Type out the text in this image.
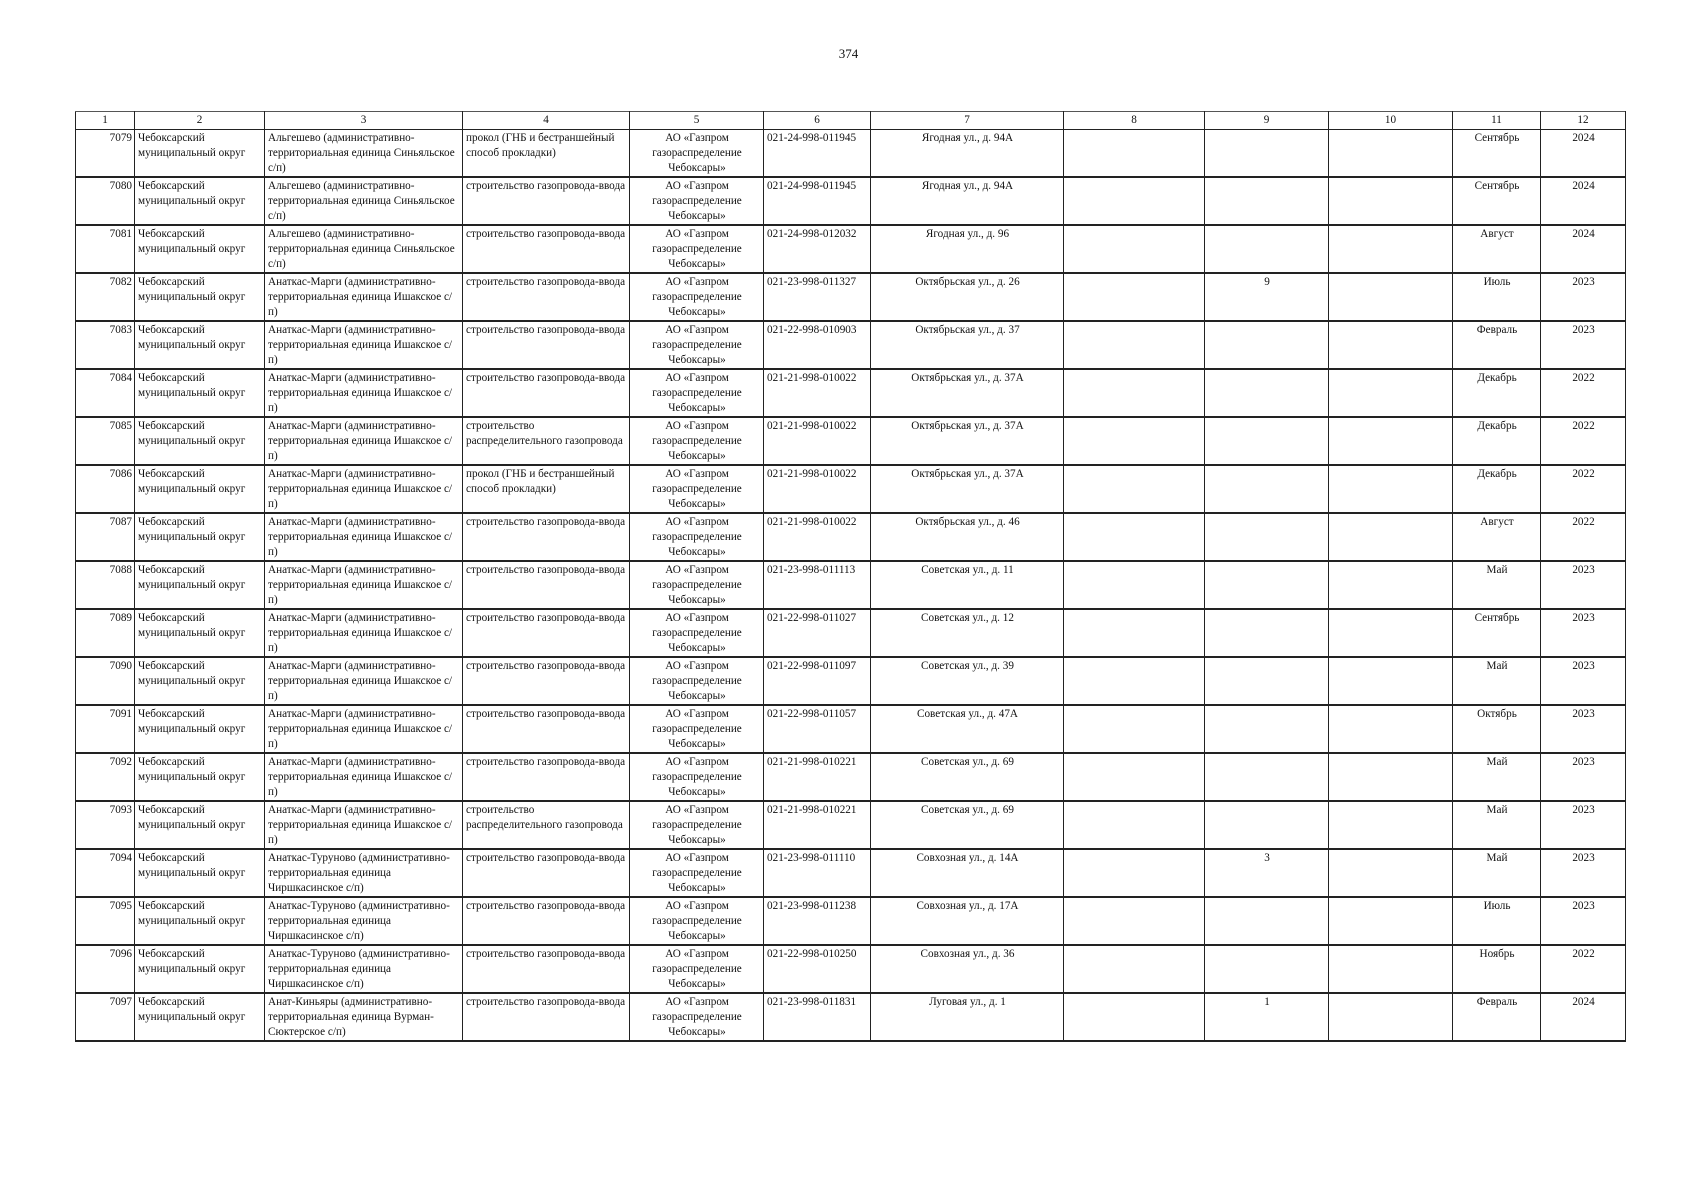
374
1	2	3	4	5	6	7	8	9	10	11	12
7079	Чебоксарский муниципальный округ	Альгешево (административно-территориальная единица Синьяльское с/п)	прокол (ГНБ и бестраншейный способ прокладки)	АО «Газпром газораспределение Чебоксары»	021-24-998-011945	Ягодная ул., д. 94А				Сентябрь	2024
7080	Чебоксарский муниципальный округ	Альгешево (административно-территориальная единица Синьяльское с/п)	строительство газопровода-ввода	АО «Газпром газораспределение Чебоксары»	021-24-998-011945	Ягодная ул., д. 94А				Сентябрь	2024
7081	Чебоксарский муниципальный округ	Альгешево (административно-территориальная единица Синьяльское с/п)	строительство газопровода-ввода	АО «Газпром газораспределение Чебоксары»	021-24-998-012032	Ягодная ул., д. 96				Август	2024
7082	Чебоксарский муниципальный округ	Анаткас-Марги (административно-территориальная единица Ишакское с/п)	строительство газопровода-ввода	АО «Газпром газораспределение Чебоксары»	021-23-998-011327	Октябрьская ул., д. 26		9		Июль	2023
7083	Чебоксарский муниципальный округ	Анаткас-Марги (административно-территориальная единица Ишакское с/п)	строительство газопровода-ввода	АО «Газпром газораспределение Чебоксары»	021-22-998-010903	Октябрьская ул., д. 37				Февраль	2023
7084	Чебоксарский муниципальный округ	Анаткас-Марги (административно-территориальная единица Ишакское с/п)	строительство газопровода-ввода	АО «Газпром газораспределение Чебоксары»	021-21-998-010022	Октябрьская ул., д. 37А				Декабрь	2022
7085	Чебоксарский муниципальный округ	Анаткас-Марги (административно-территориальная единица Ишакское с/п)	строительство распределительного газопровода	АО «Газпром газораспределение Чебоксары»	021-21-998-010022	Октябрьская ул., д. 37А				Декабрь	2022
7086	Чебоксарский муниципальный округ	Анаткас-Марги (административно-территориальная единица Ишакское с/п)	прокол (ГНБ и бестраншейный способ прокладки)	АО «Газпром газораспределение Чебоксары»	021-21-998-010022	Октябрьская ул., д. 37А				Декабрь	2022
7087	Чебоксарский муниципальный округ	Анаткас-Марги (административно-территориальная единица Ишакское с/п)	строительство газопровода-ввода	АО «Газпром газораспределение Чебоксары»	021-21-998-010022	Октябрьская ул., д. 46				Август	2022
7088	Чебоксарский муниципальный округ	Анаткас-Марги (административно-территориальная единица Ишакское с/п)	строительство газопровода-ввода	АО «Газпром газораспределение Чебоксары»	021-23-998-011113	Советская ул., д. 11				Май	2023
7089	Чебоксарский муниципальный округ	Анаткас-Марги (административно-территориальная единица Ишакское с/п)	строительство газопровода-ввода	АО «Газпром газораспределение Чебоксары»	021-22-998-011027	Советская ул., д. 12				Сентябрь	2023
7090	Чебоксарский муниципальный округ	Анаткас-Марги (административно-территориальная единица Ишакское с/п)	строительство газопровода-ввода	АО «Газпром газораспределение Чебоксары»	021-22-998-011097	Советская ул., д. 39				Май	2023
7091	Чебоксарский муниципальный округ	Анаткас-Марги (административно-территориальная единица Ишакское с/п)	строительство газопровода-ввода	АО «Газпром газораспределение Чебоксары»	021-22-998-011057	Советская ул., д. 47А				Октябрь	2023
7092	Чебоксарский муниципальный округ	Анаткас-Марги (административно-территориальная единица Ишакское с/п)	строительство газопровода-ввода	АО «Газпром газораспределение Чебоксары»	021-21-998-010221	Советская ул., д. 69				Май	2023
7093	Чебоксарский муниципальный округ	Анаткас-Марги (административно-территориальная единица Ишакское с/п)	строительство распределительного газопровода	АО «Газпром газораспределение Чебоксары»	021-21-998-010221	Советская ул., д. 69				Май	2023
7094	Чебоксарский муниципальный округ	Анаткас-Туруново (административно-территориальная единица Чиршкасинское с/п)	строительство газопровода-ввода	АО «Газпром газораспределение Чебоксары»	021-23-998-011110	Совхозная ул., д. 14А		3		Май	2023
7095	Чебоксарский муниципальный округ	Анаткас-Туруново (административно-территориальная единица Чиршкасинское с/п)	строительство газопровода-ввода	АО «Газпром газораспределение Чебоксары»	021-23-998-011238	Совхозная ул., д. 17А				Июль	2023
7096	Чебоксарский муниципальный округ	Анаткас-Туруново (административно-территориальная единица Чиршкасинское с/п)	строительство газопровода-ввода	АО «Газпром газораспределение Чебоксары»	021-22-998-010250	Совхозная ул., д. 36				Ноябрь	2022
7097	Чебоксарский муниципальный округ	Анат-Киньяры (административно-территориальная единица Вурман-Сюктерское с/п)	строительство газопровода-ввода	АО «Газпром газораспределение Чебоксары»	021-23-998-011831	Луговая ул., д. 1		1		Февраль	2024
